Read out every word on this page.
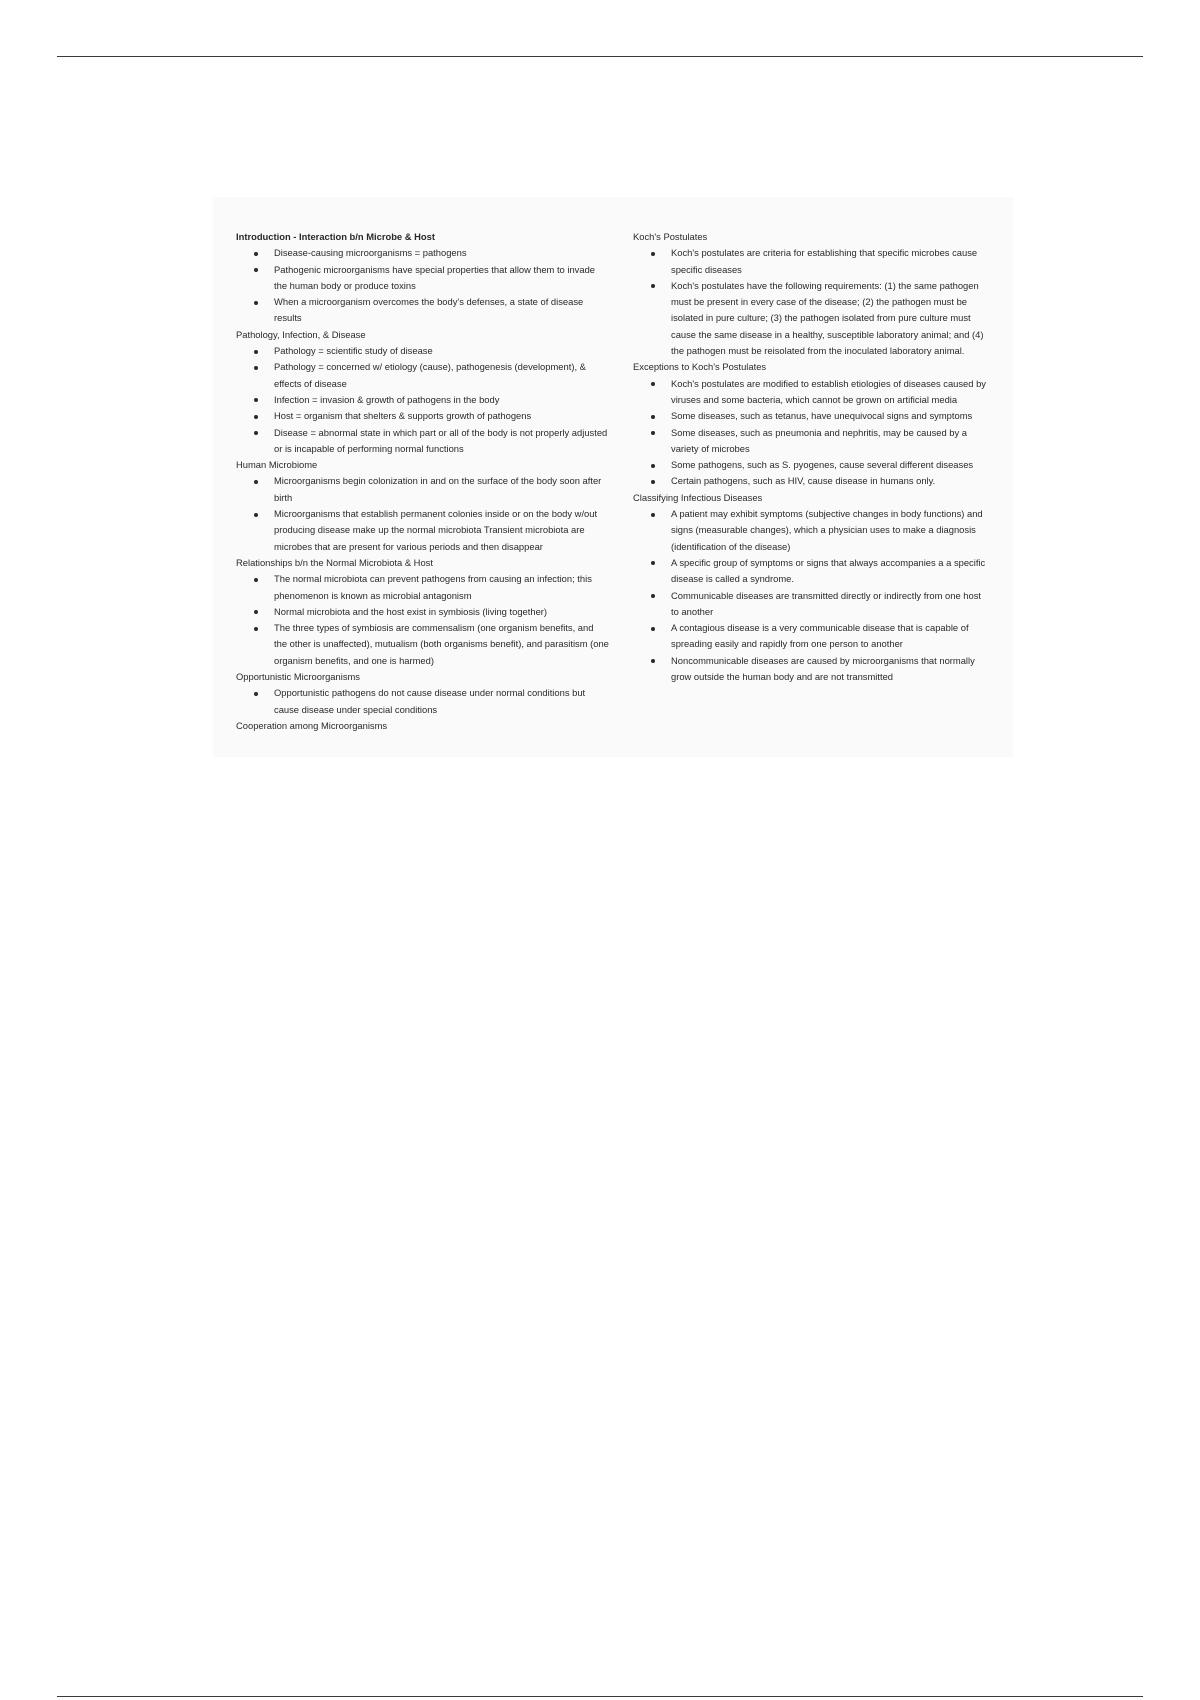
Introduction - Interaction b/n Microbe & Host

Disease-causing microorganisms = pathogens
Pathogenic microorganisms have special properties that allow them to invade the human body or produce toxins
When a microorganism overcomes the body's defenses, a state of disease results

Pathology, Infection, & Disease

Pathology = scientific study of disease
Pathology = concerned w/ etiology (cause), pathogenesis (development), & effects of disease
Infection = invasion & growth of pathogens in the body
Host = organism that shelters & supports growth of pathogens
Disease = abnormal state in which part or all of the body is not properly adjusted or is incapable of performing normal functions

Human Microbiome

Microorganisms begin colonization in and on the surface of the body soon after birth
Microorganisms that establish permanent colonies inside or on the body w/out producing disease make up the normal microbiota Transient microbiota are microbes that are present for various periods and then disappear

Relationships b/n the Normal Microbiota & Host

The normal microbiota can prevent pathogens from causing an infection; this phenomenon is known as microbial antagonism
Normal microbiota and the host exist in symbiosis (living together)
The three types of symbiosis are commensalism (one organism benefits, and the other is unaffected), mutualism (both organisms benefit), and parasitism (one organism benefits, and one is harmed)

Opportunistic Microorganisms

Opportunistic pathogens do not cause disease under normal conditions but cause disease under special conditions

Cooperation among Microorganisms

Koch's Postulates

Koch's postulates are criteria for establishing that specific microbes cause specific diseases
Koch's postulates have the following requirements: (1) the same pathogen must be present in every case of the disease; (2) the pathogen must be isolated in pure culture; (3) the pathogen isolated from pure culture must cause the same disease in a healthy, susceptible laboratory animal; and (4) the pathogen must be reisolated from the inoculated laboratory animal.

Exceptions to Koch's Postulates

Koch's postulates are modified to establish etiologies of diseases caused by viruses and some bacteria, which cannot be grown on artificial media
Some diseases, such as tetanus, have unequivocal signs and symptoms
Some diseases, such as pneumonia and nephritis, may be caused by a variety of microbes
Some pathogens, such as S. pyogenes, cause several different diseases
Certain pathogens, such as HIV, cause disease in humans only.

Classifying Infectious Diseases

A patient may exhibit symptoms (subjective changes in body functions) and signs (measurable changes), which a physician uses to make a diagnosis (identification of the disease)
A specific group of symptoms or signs that always accompanies a a specific disease is called a syndrome.
Communicable diseases are transmitted directly or indirectly from one host to another
A contagious disease is a very communicable disease that is capable of spreading easily and rapidly from one person to another
Noncommunicable diseases are caused by microorganisms that normally grow outside the human body and are not transmitted
